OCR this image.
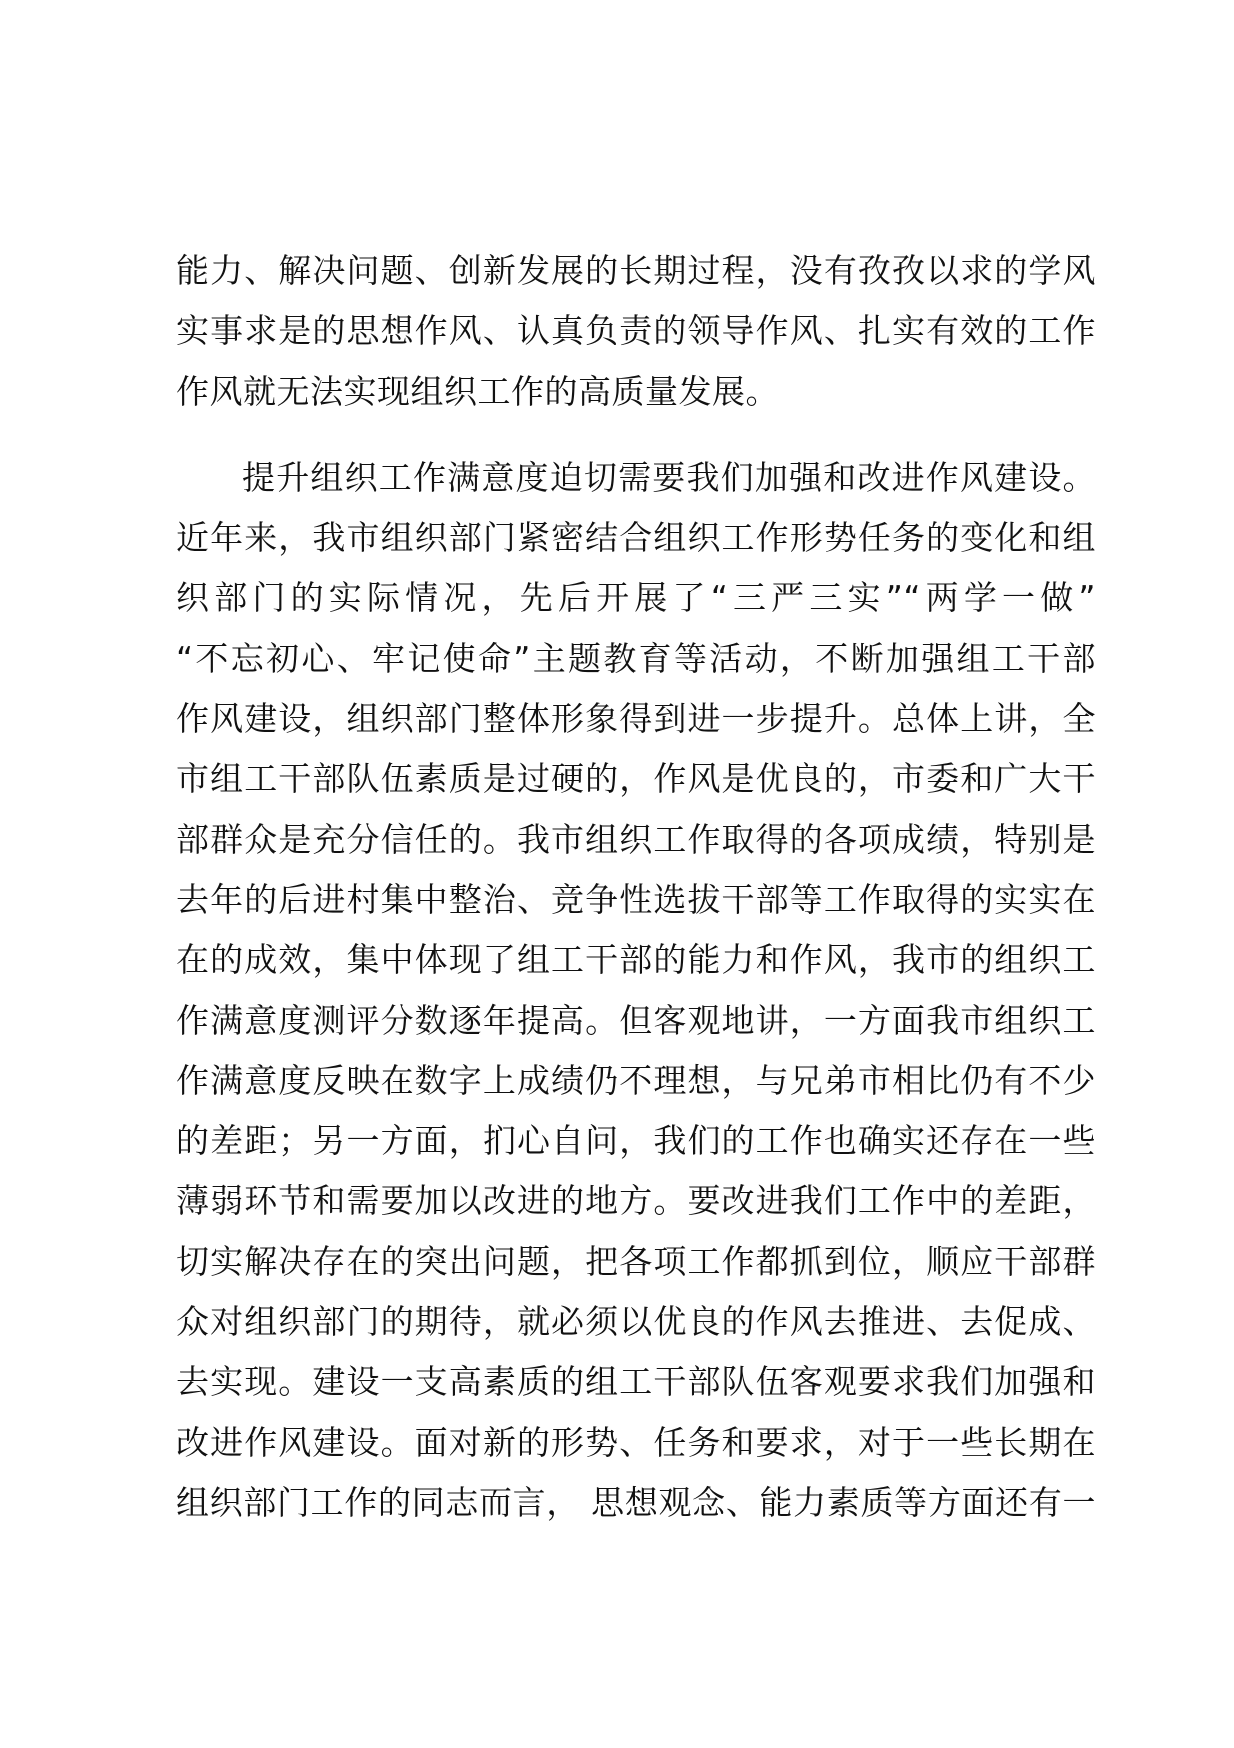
能力、解决问题、创新发展的长期过程，没有孜孜以求的学风
实事求是的思想作风、认真负责的领导作风、扎实有效的工作
作风就无法实现组织工作的高质量发展。
提升组织工作满意度迫切需要我们加强和改进作风建设。
近年来，我市组织部门紧密结合组织工作形势任务的变化和组
织部门的实际情况，先后开展了“三严三实”“两学一做”
“不忘初心、牢记使命”主题教育等活动，不断加强组工干部
作风建设，组织部门整体形象得到进一步提升。总体上讲，全
市组工干部队伍素质是过硬的，作风是优良的，市委和广大干
部群众是充分信任的。我市组织工作取得的各项成绩，特别是
去年的后进村集中整治、竞争性选拔干部等工作取得的实实在
在的成效，集中体现了组工干部的能力和作风，我市的组织工
作满意度测评分数逐年提高。但客观地讲，一方面我市组织工
作满意度反映在数字上成绩仍不理想，与兄弟市相比仍有不少
的差距；另一方面，扪心自问，我们的工作也确实还存在一些
薄弱环节和需要加以改进的地方。要改进我们工作中的差距，
切实解决存在的突出问题，把各项工作都抓到位，顺应干部群
众对组织部门的期待，就必须以优良的作风去推进、去促成、
去实现。建设一支高素质的组工干部队伍客观要求我们加强和
改进作风建设。面对新的形势、任务和要求，对于一些长期在
组织部门工作的同志而言， 思想观念、能力素质等方面还有一
